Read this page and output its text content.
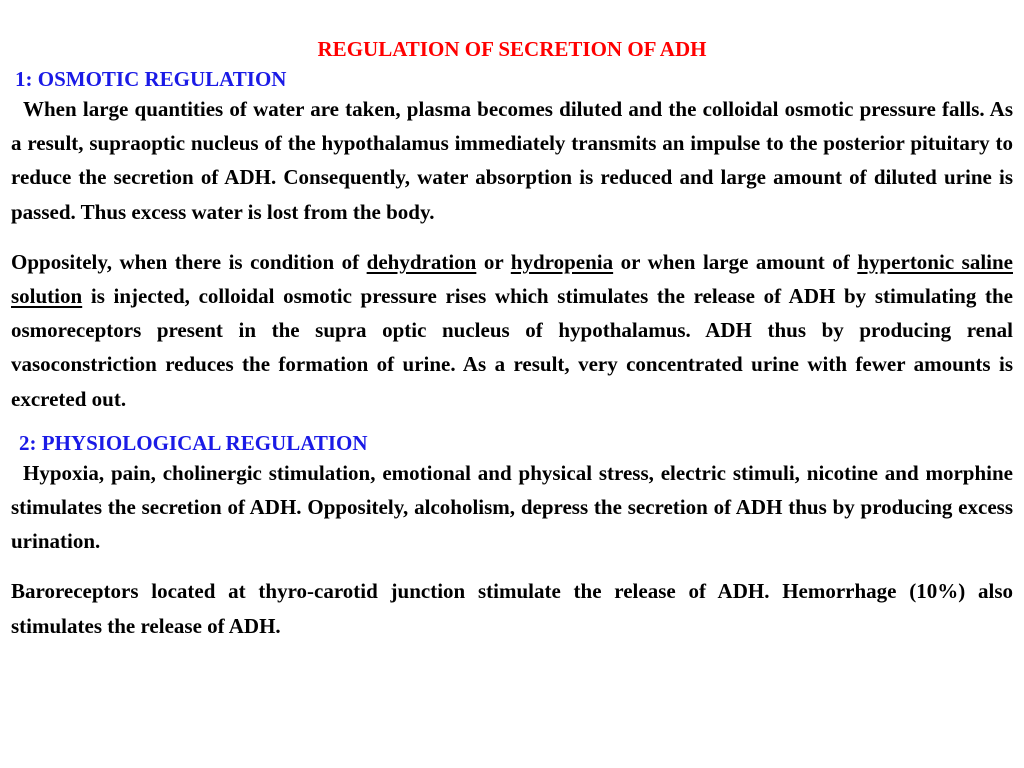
REGULATION OF SECRETION OF ADH
1: OSMOTIC REGULATION

When large quantities of water are taken, plasma becomes diluted and the colloidal osmotic pressure falls. As a result, supraoptic nucleus of the hypothalamus immediately transmits an impulse to the posterior pituitary to reduce the secretion of ADH. Consequently, water absorption is reduced and large amount of diluted urine is passed. Thus excess water is lost from the body.

Oppositely, when there is condition of dehydration or hydropenia or when large amount of hypertonic saline solution is injected, colloidal osmotic pressure rises which stimulates the release of ADH by stimulating the osmoreceptors present in the supra optic nucleus of hypothalamus. ADH thus by producing renal vasoconstriction reduces the formation of urine. As a result, very concentrated urine with fewer amounts is excreted out.

2: PHYSIOLOGICAL REGULATION

Hypoxia, pain, cholinergic stimulation, emotional and physical stress, electric stimuli, nicotine and morphine stimulates the secretion of ADH. Oppositely, alcoholism, depress the secretion of ADH thus by producing excess urination.

Baroreceptors located at thyro-carotid junction stimulate the release of ADH. Hemorrhage (10%) also stimulates the release of ADH.
